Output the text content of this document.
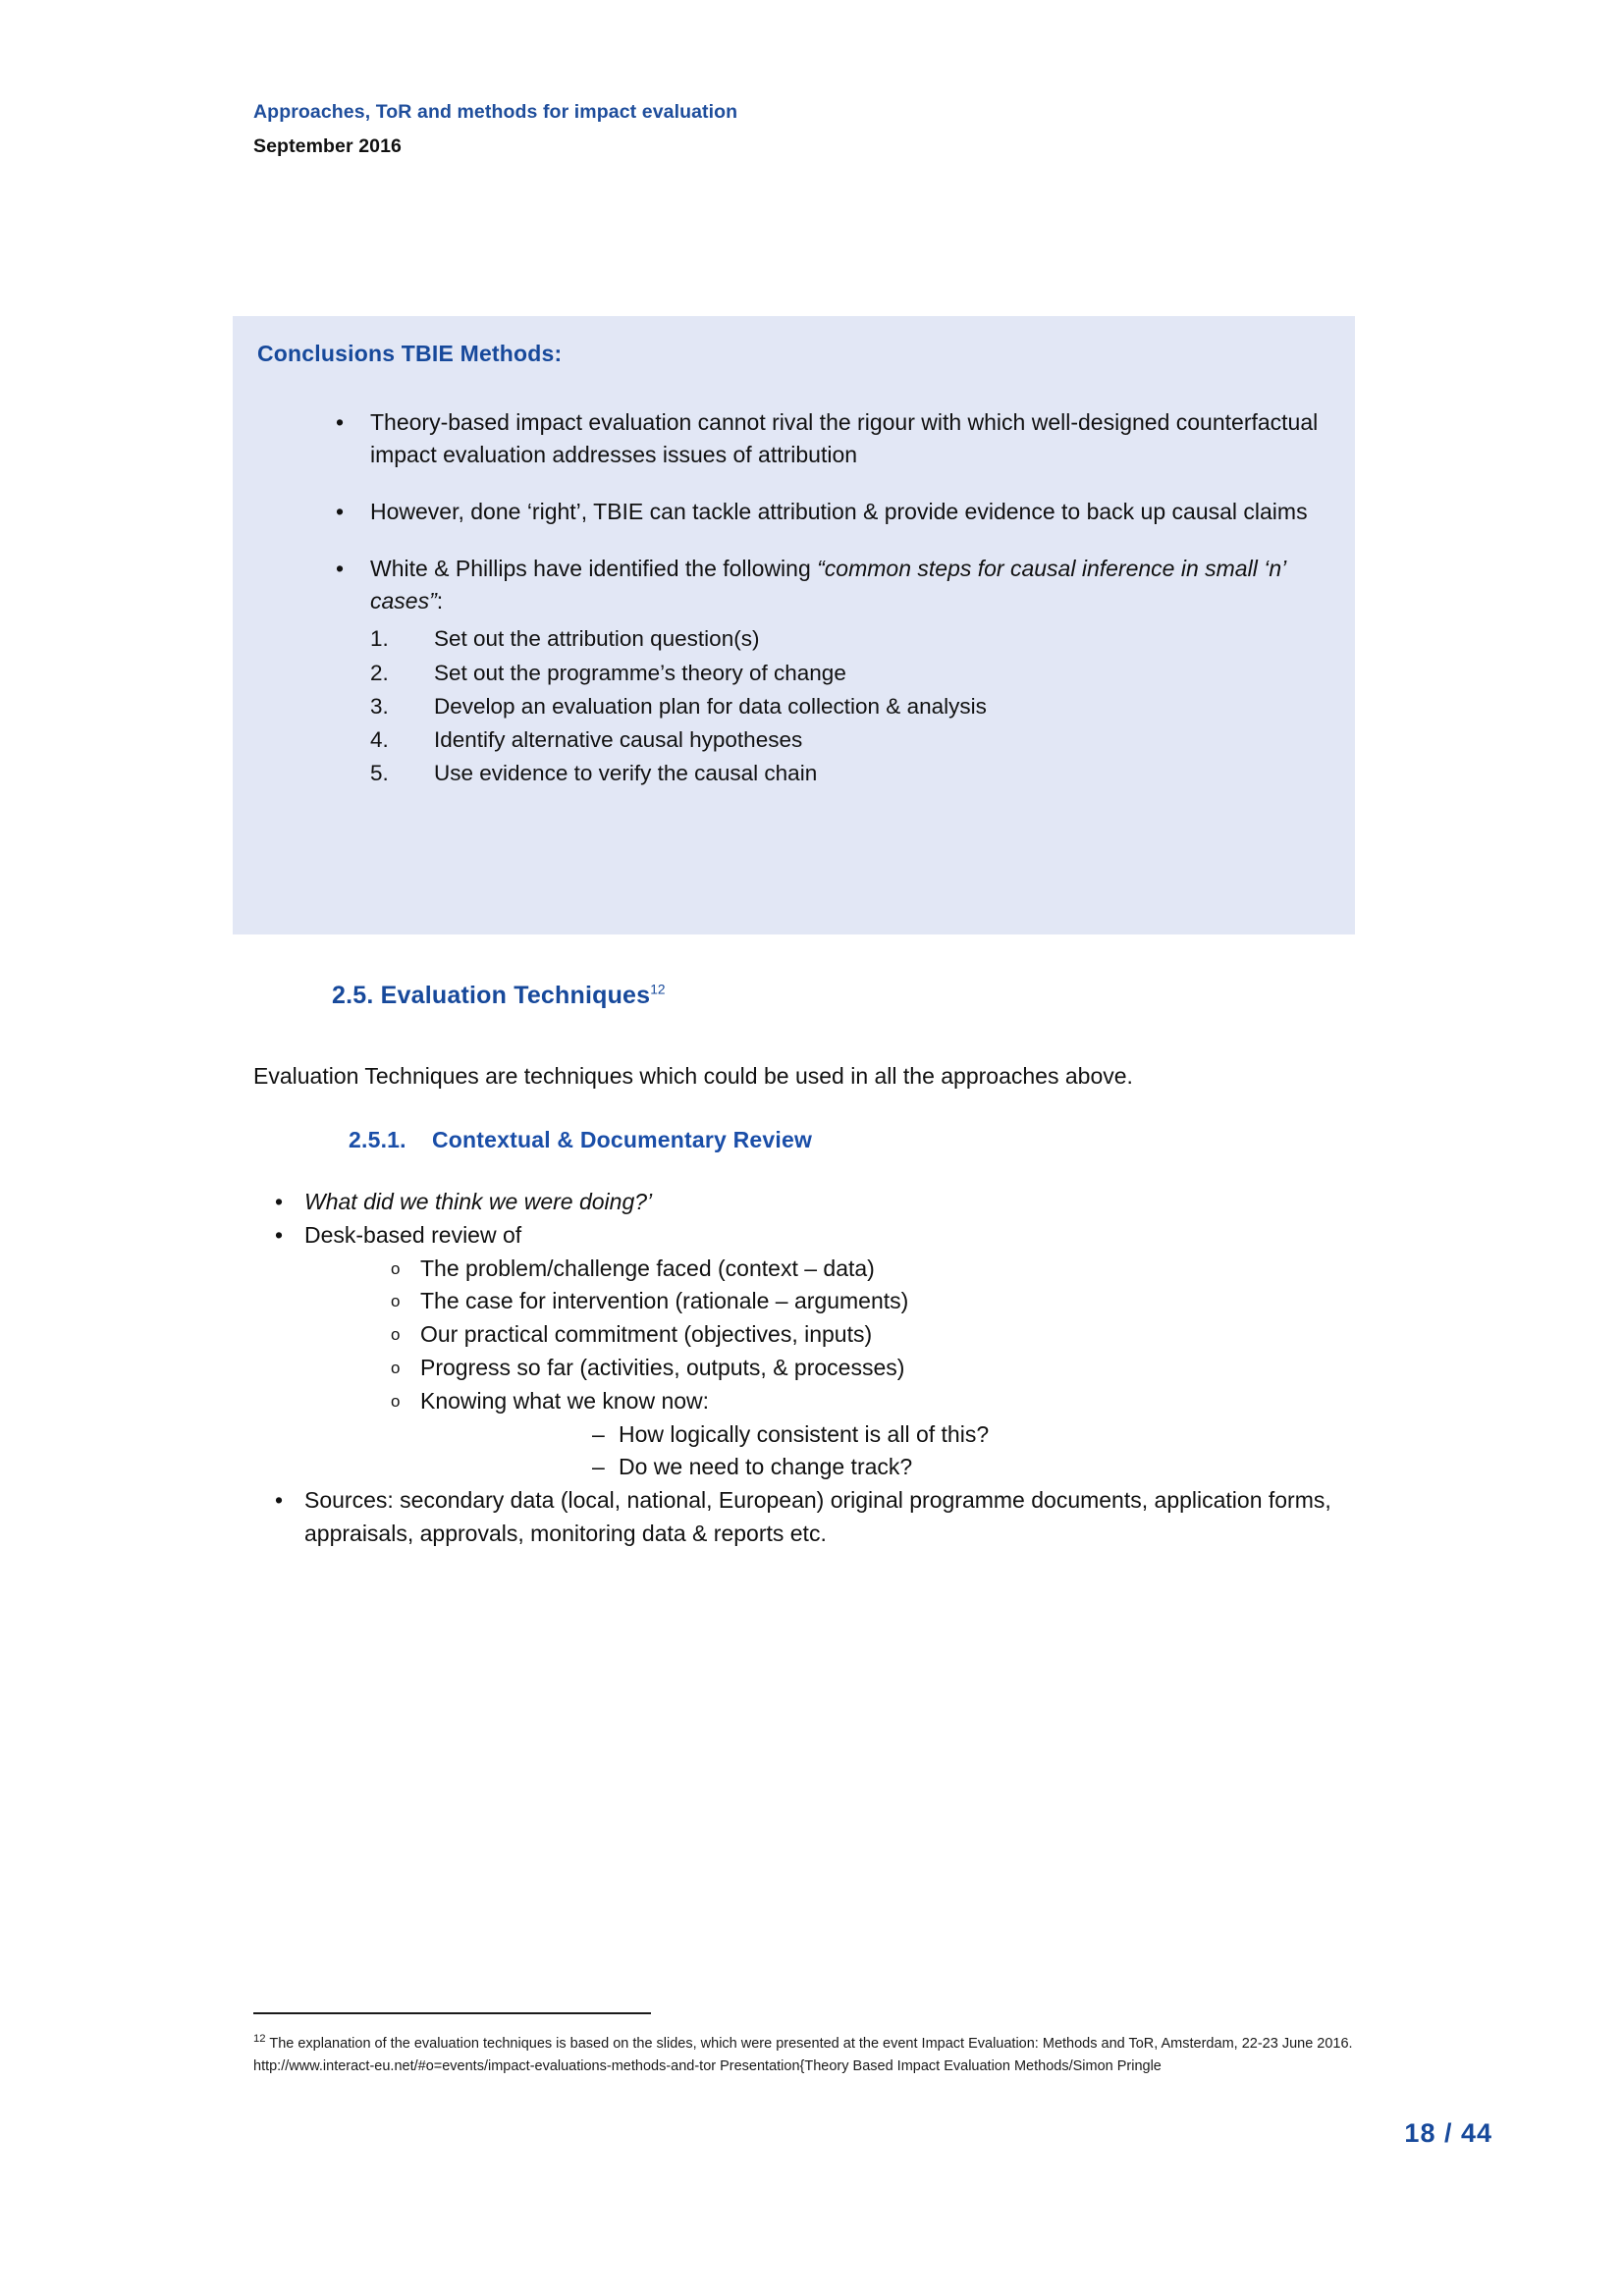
Approaches, ToR and methods for impact evaluation
September 2016
Conclusions TBIE Methods:
• Theory-based impact evaluation cannot rival the rigour with which well-designed counterfactual impact evaluation addresses issues of attribution
• However, done ‘right’, TBIE can tackle attribution & provide evidence to back up causal claims
• White & Phillips have identified the following “common steps for causal inference in small ‘n’ cases”:
1.	Set out the attribution question(s)
2.	Set out the programme’s theory of change
3.	Develop an evaluation plan for data collection & analysis
4.	Identify alternative causal hypotheses
5.	Use evidence to verify the causal chain
2.5. Evaluation Techniques$^{12}$
Evaluation Techniques are techniques which could be used in all the approaches above.
2.5.1. Contextual & Documentary Review
• What did we think we were doing?’
• Desk-based review of
o The problem/challenge faced (context – data)
o The case for intervention (rationale – arguments)
o Our practical commitment (objectives, inputs)
o Progress so far (activities, outputs, & processes)
o Knowing what we know now:
– How logically consistent is all of this?
– Do we need to change track?
• Sources: secondary data (local, national, European) original programme documents, application forms, appraisals, approvals, monitoring data & reports etc.
$^{12}$ The explanation of the evaluation techniques is based on the slides, which were presented at the event Impact Evaluation: Methods and ToR, Amsterdam, 22-23 June 2016. http://www.interact-eu.net/#o=events/impact-evaluations-methods-and-tor Presentation{Theory Based Impact Evaluation Methods/Simon Pringle
18 / 44
